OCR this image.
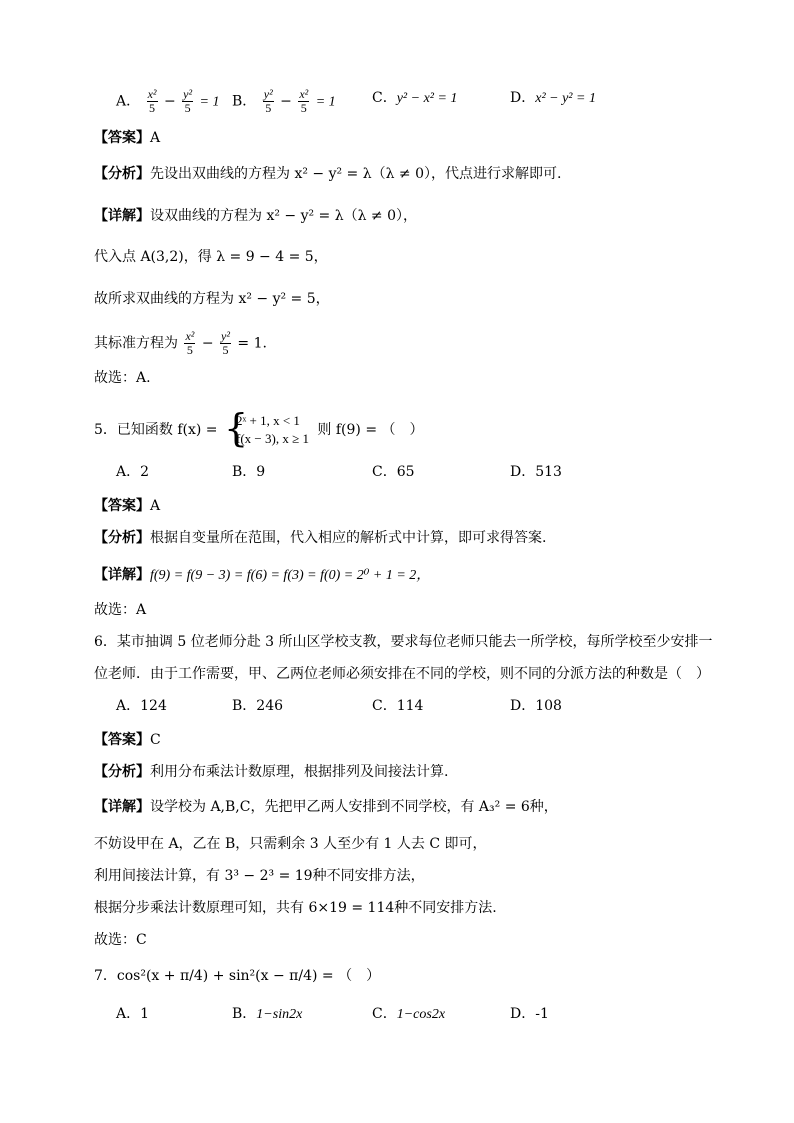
A． $\frac{\text{x²}}{5} - \frac{\text{y²}}{5} = 1$ B． $\frac{\text{y²}}{5} - \frac{\text{x²}}{5} = 1$	C．y² − x² = 1	D．x² − y² = 1
【答案】A
【分析】先设出双曲线的方程为 x² − y² = λ（λ ≠ 0），代点进行求解即可.
【详解】设双曲线的方程为 x² − y² = λ（λ ≠ 0），
代入点 A(3,2)，得 λ = 9 − 4 = 5，
故所求双曲线的方程为 x² − y² = 5，
其标准方程为 $\frac{\text{x²}}{5} - \frac{\text{y²}}{5} = 1$.
故选：A.
5．已知函数 f(x) =
{ 2ˣ + 1, x < 1
f(x − 3), x ≥ 1
则 f(9) = （　）
A．2	B．9	C．65	D．513
【答案】A
【分析】根据自变量所在范围，代入相应的解析式中计算，即可求得答案.
【详解】f(9) = f(9 − 3) = f(6) = f(3) = f(0) = 2⁰ + 1 = 2，
故选：A
6．某市抽调 5 位老师分赴 3 所山区学校支教，要求每位老师只能去一所学校，每所学校至少安排一
位老师．由于工作需要，甲、乙两位老师必须安排在不同的学校，则不同的分派方法的种数是（　）
A．124	B．246	C．114	D．108
【答案】C
【分析】利用分布乘法计数原理，根据排列及间接法计算.
【详解】设学校为 A,B,C，先把甲乙两人安排到不同学校，有 A₃² = 6种，
不妨设甲在 A，乙在 B，只需剩余 3 人至少有 1 人去 C 即可，
利用间接法计算，有 3³ − 2³ = 19种不同安排方法，
根据分步乘法计数原理可知，共有 6×19 = 114种不同安排方法.
故选：C
7．cos²(x + π/4) + sin²(x − π/4) = （　）
A．1	B．1−sin2x	C．1−cos2x	D．-1
